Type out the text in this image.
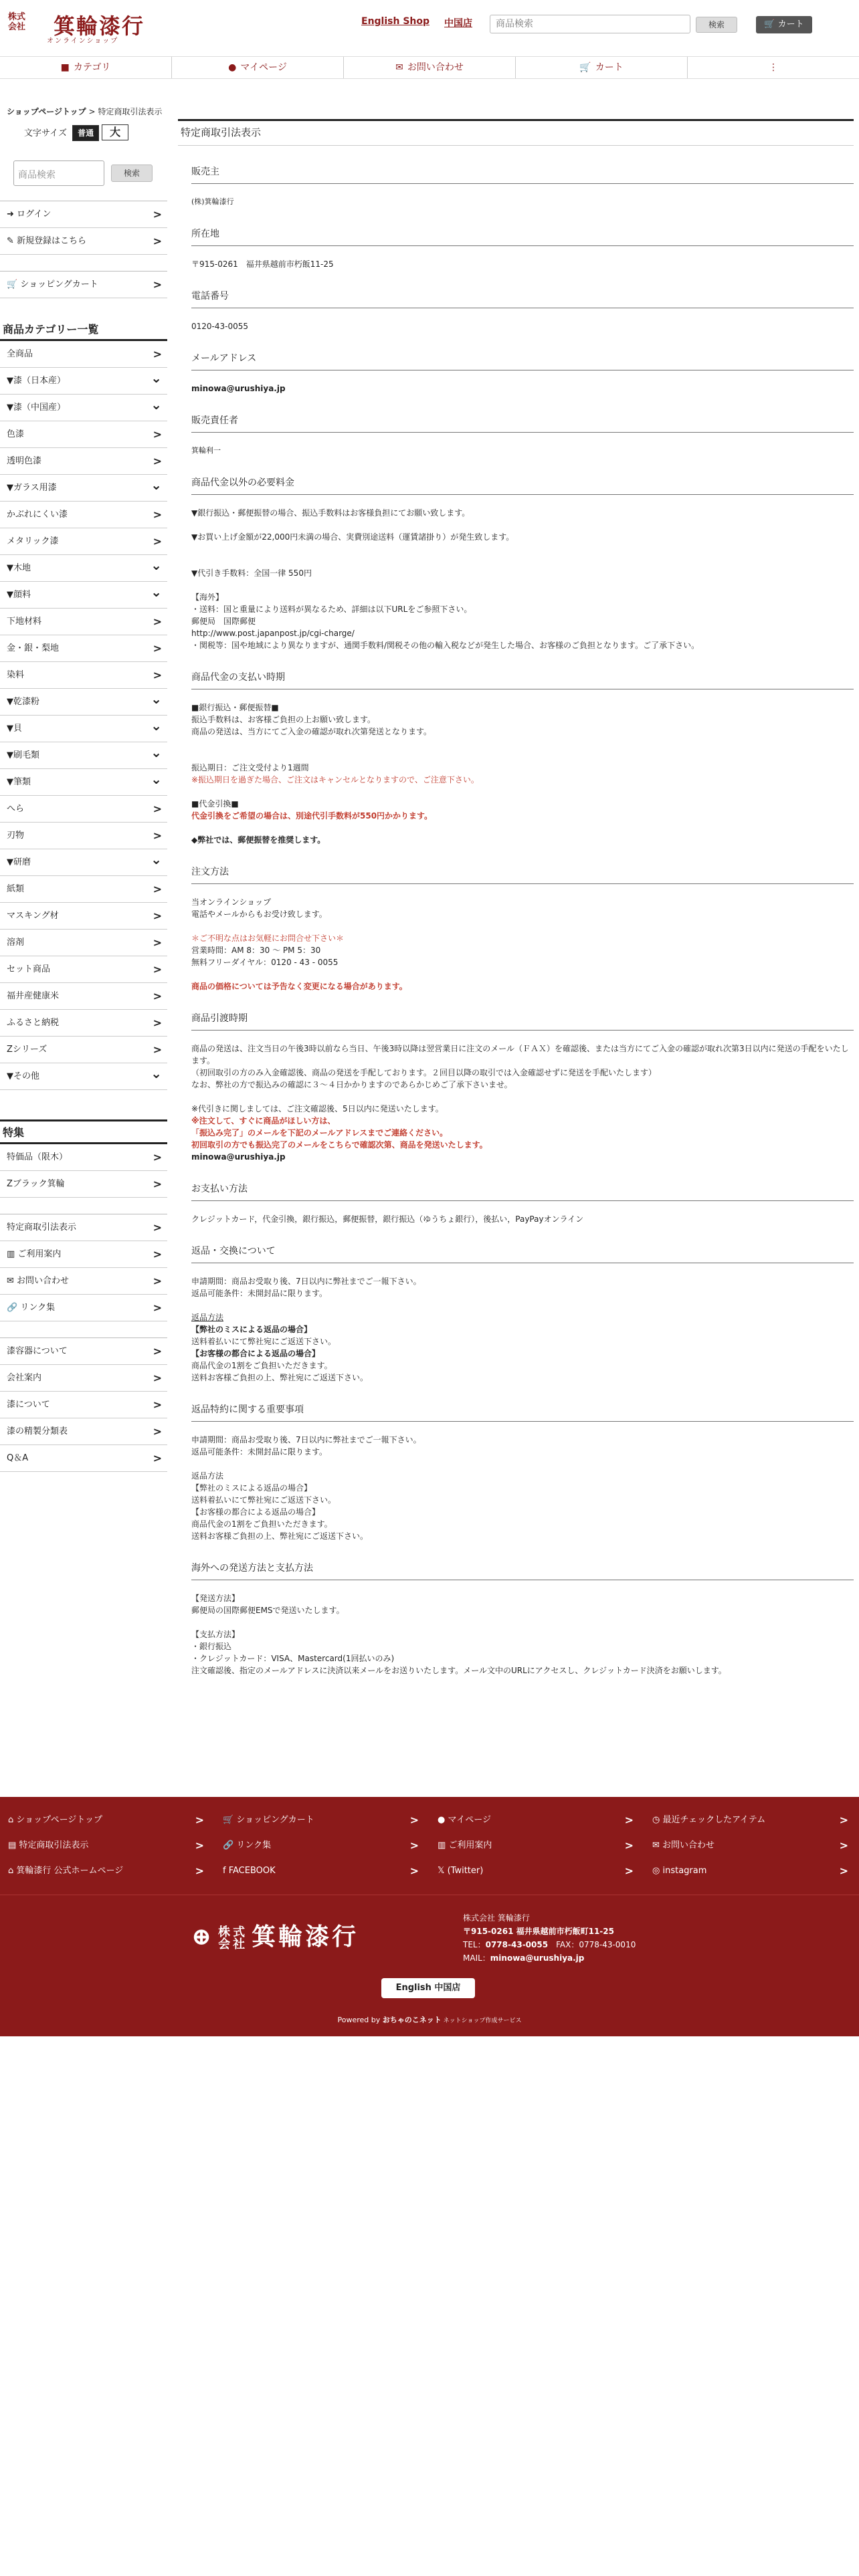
株式
会社 箕輪漆行
オンラインショップ
English Shop 中国店
商品検索	検索	🛒 カート
■ カテゴリ	● マイページ	✉ お問い合わせ	🛒 カート	⋮
ショップページトップ > 特定商取引法表示
文字サイズ 普通 大
商品検索	検索
➜ ログイン	>
✎ 新規登録はこちら	>
🛒 ショッピングカート	>
商品カテゴリー一覧
全商品	>
▼漆（日本産）	⌄
▼漆（中国産）	⌄
色漆	>
透明色漆	>
▼ガラス用漆	⌄
かぶれにくい漆	>
メタリック漆	>
▼木地	⌄
▼顔料	⌄
下地材料	>
金・銀・梨地	>
染料	>
▼乾漆粉	⌄
▼貝	⌄
▼刷毛類	⌄
▼筆類	⌄
へら	>
刃物	>
▼研磨	⌄
紙類	>
マスキング材	>
溶剤	>
セット商品	>
福井産健康米	>
ふるさと納税	>
Zシリーズ	>
▼その他	⌄
特集
特価品（限木）	>
Zブラック箕輪	>
特定商取引法表示	>
▥ ご利用案内	>
✉ お問い合わせ	>
🔗 リンク集	>
漆容器について	>
会社案内	>
漆について	>
漆の精製分類表	>
Q＆A	>
特定商取引法表示
販売主
(株)箕輪漆行
所在地
〒915-0261　福井県越前市朽飯11-25
電話番号
0120-43-0055
メールアドレス
minowa@urushiya.jp
販売責任者
箕輪利一
商品代金以外の必要料金
▼銀行振込・郵便振替の場合、振込手数料はお客様負担にてお願い致します。
▼お買い上げ金額が22,000円未満の場合、実費別途送料（運賃諸掛り）が発生致します。
▼代引き手数料：全国一律 550円
【海外】
・送料：国と重量により送料が異なるため、詳細は以下URLをご参照下さい。
郵便局　国際郵便
http://www.post.japanpost.jp/cgi-charge/
・関税等：国や地域により異なりますが、通関手数料/関税その他の輸入税などが発生した場合、お客様のご負担となります。ご了承下さい。
商品代金の支払い時期
■銀行振込・郵便振替■
振込手数料は、お客様ご負担の上お願い致します。
商品の発送は、当方にてご入金の確認が取れ次第発送となります。
振込期日：ご注文受付より1週間
※振込期日を過ぎた場合、ご注文はキャンセルとなりますので、ご注意下さい。
■代金引換■
代金引換をご希望の場合は、別途代引手数料が550円かかります。
◆弊社では、郵便振替を推奨します。
注文方法
当オンラインショップ
電話やメールからもお受け致します。
＊ご不明な点はお気軽にお問合せ下さい＊
営業時間：AM 8：30 〜 PM 5：30
無料フリーダイヤル：0120 - 43 - 0055
商品の価格については予告なく変更になる場合があります。
商品引渡時期
商品の発送は、注文当日の午後3時以前なら当日、午後3時以降は翌営業日に注文のメール（ＦＡＸ）を確認後、または当方にてご入金の確認が取れ次第3日以内に発送の手配をいたします。
（初回取引の方のみ入金確認後、商品の発送を手配しております。２回目以降の取引では入金確認せずに発送を手配いたします）
なお、弊社の方で振込みの確認に３〜４日かかりますのであらかじめご了承下さいませ。
※代引きに関しましては、ご注文確認後、5日以内に発送いたします。
※注文して、すぐに商品がほしい方は、
「振込み完了」のメールを下記のメールアドレスまでご連絡ください。
初回取引の方でも振込完了のメールをこちらで確認次第、商品を発送いたします。
minowa@urushiya.jp
お支払い方法
クレジットカード，代金引換，銀行振込，郵便振替，銀行振込（ゆうちょ銀行），後払い，PayPayオンライン
返品・交換について
申請期間：商品お受取り後、7日以内に弊社までご一報下さい。
返品可能条件：未開封品に限ります。
返品方法
【弊社のミスによる返品の場合】
送料着払いにて弊社宛にご返送下さい。
【お客様の都合による返品の場合】
商品代金の1割をご負担いただきます。
送料お客様ご負担の上、弊社宛にご返送下さい。
返品特約に関する重要事項
申請期間：商品お受取り後、7日以内に弊社までご一報下さい。
返品可能条件：未開封品に限ります。
返品方法
【弊社のミスによる返品の場合】
送料着払いにて弊社宛にご返送下さい。
【お客様の都合による返品の場合】
商品代金の1割をご負担いただきます。
送料お客様ご負担の上、弊社宛にご返送下さい。
海外への発送方法と支払方法
【発送方法】
郵便局の国際郵便EMSで発送いたします。
【支払方法】
・銀行振込
・クレジットカード：VISA、Mastercard(1回払いのみ)
注文確認後、指定のメールアドレスに決済以来メールをお送りいたします。メール文中のURLにアクセスし、クレジットカード決済をお願いします。
⌂ ショップページトップ	>	🛒 ショッピングカート	>	● マイページ	>	◷ 最近チェックしたアイテム	>
▤ 特定商取引法表示	>	🔗 リンク集	>	▥ ご利用案内	>	✉ お問い合わせ	>
⌂ 箕輪漆行 公式ホームページ	>	f FACEBOOK	>	𝕏 (Twitter)	>	◎ instagram	>
⊕ 株式
会社 箕輪漆行
株式会社 箕輪漆行
〒915-0261 福井県越前市朽飯町11-25
TEL：0778-43-0055　 FAX：0778-43-0010
MAIL：minowa@urushiya.jp
English 中国店
Powered by おちゃのこネット ネットショップ作成サービス
